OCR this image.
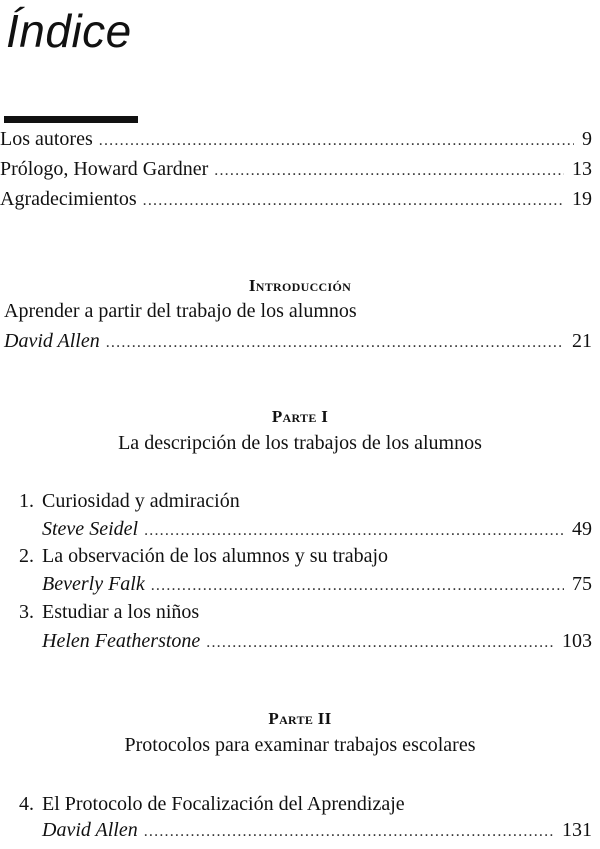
Índice
Los autores .....	9
Prólogo, Howard Gardner .....	13
Agradecimientos .....	19
Introducción
Aprender a partir del trabajo de los alumnos
David Allen .....	21
Parte I
La descripción de los trabajos de los alumnos
1. Curiosidad y admiración
Steve Seidel .....	49
2. La observación de los alumnos y su trabajo
Beverly Falk .....	75
3. Estudiar a los niños
Helen Featherstone .....	103
Parte II
Protocolos para examinar trabajos escolares
4. El Protocolo de Focalización del Aprendizaje
David Allen .....	131
